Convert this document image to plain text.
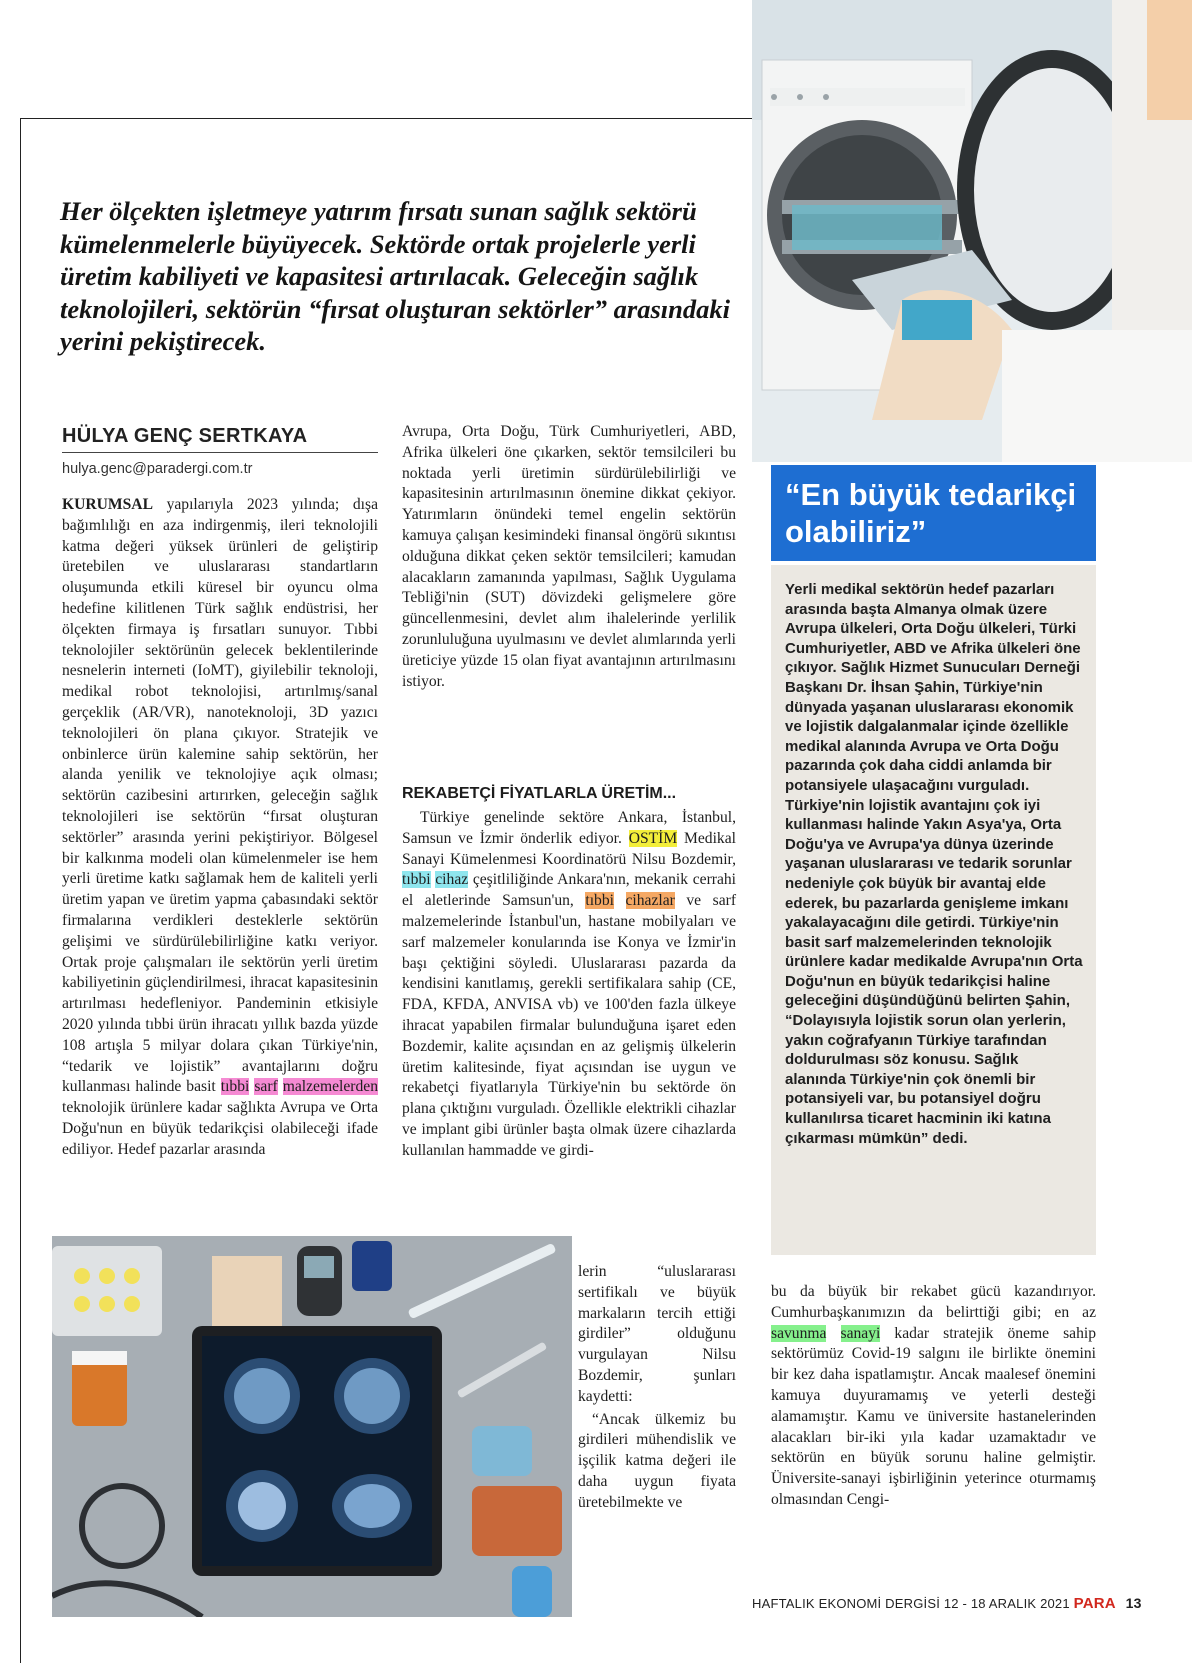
Her ölçekten işletmeye yatırım fırsatı sunan sağlık sektörü kümelenmelerle büyüyecek. Sektörde ortak projelerle yerli üretim kabiliyeti ve kapasitesi artırılacak. Geleceğin sağlık teknolojileri, sektörün “fırsat oluşturan sektörler” arasındaki yerini pekiştirecek.
HÜLYA GENÇ SERTKAYA
hulya.genc@paradergi.com.tr

KURUMSAL yapılarıyla 2023 yılında; dışa bağımlılığı en aza indirgenmiş, ileri teknolojili katma değeri yüksek ürünleri de geliştirip üretebilen ve uluslararası standartların oluşumunda etkili küresel bir oyuncu olma hedefine kilitlenen Türk sağlık endüstrisi, her ölçekten firmaya iş fırsatları sunuyor. Tıbbi teknolojiler sektörünün gelecek beklentilerinde nesnelerin interneti (IoMT), giyilebilir teknoloji, medikal robot teknolojisi, artırılmış/sanal gerçeklik (AR/VR), nanoteknoloji, 3D yazıcı teknolojileri ön plana çıkıyor. Stratejik ve onbinlerce ürün kalemine sahip sektörün, her alanda yenilik ve teknolojiye açık olması; sektörün cazibesini artırırken, geleceğin sağlık teknolojileri ise sektörün “fırsat oluşturan sektörler” arasında yerini pekiştiriyor. Bölgesel bir kalkınma modeli olan kümelenmeler ise hem yerli üretime katkı sağlamak hem de kaliteli yerli üretim yapan ve üretim yapma çabasındaki sektör firmalarına verdikleri desteklerle sektörün gelişimi ve sürdürülebilirliğine katkı veriyor. Ortak proje çalışmaları ile sektörün yerli üretim kabiliyetinin güçlendirilmesi, ihracat kapasitesinin artırılması hedefleniyor. Pandeminin etkisiyle 2020 yılında tıbbi ürün ihracatı yıllık bazda yüzde 108 artışla 5 milyar dolara çıkan Türkiye'nin, “tedarik ve lojistik” avantajlarını doğru kullanması halinde basit tıbbi sarf malzemelerden teknolojik ürünlere kadar sağlıkta Avrupa ve Orta Doğu'nun en büyük tedarikçisi olabileceği ifade ediliyor. Hedef pazarlar arasında

Avrupa, Orta Doğu, Türk Cumhuriyetleri, ABD, Afrika ülkeleri öne çıkarken, sektör temsilcileri bu noktada yerli üretimin sürdürülebilirliği ve kapasitesinin artırılmasının önemine dikkat çekiyor. Yatırımların önündeki temel engelin sektörün kamuya çalışan kesimindeki finansal öngörü sıkıntısı olduğuna dikkat çeken sektör temsilcileri; kamudan alacakların zamanında yapılması, Sağlık Uygulama Tebliği'nin (SUT) dövizdeki gelişmelere göre güncellenmesini, devlet alım ihalelerinde yerlilik zorunluluğuna uyulmasını ve devlet alımlarında yerli üreticiye yüzde 15 olan fiyat avantajının artırılmasını istiyor.

REKABETÇİ FİYATLARLA ÜRETİM...

Türkiye genelinde sektöre Ankara, İstanbul, Samsun ve İzmir önderlik ediyor. OSTİM Medikal Sanayi Kümelenmesi Koordinatörü Nilsu Bozdemir, tıbbi cihaz çeşitliliğinde Ankara'nın, mekanik cerrahi el aletlerinde Samsun'un, tıbbi cihazlar ve sarf malzemelerinde İstanbul'un, hastane mobilyaları ve sarf malzemeler konularında ise Konya ve İzmir'in başı çektiğini söyledi. Uluslararası pazarda da kendisini kanıtlamış, gerekli sertifikalara sahip (CE, FDA, KFDA, ANVISA vb) ve 100'den fazla ülkeye ihracat yapabilen firmalar bulunduğuna işaret eden Bozdemir, kalite açısından en az gelişmiş ülkelerin üretim kalitesinde, fiyat açısından ise uygun ve rekabetçi fiyatlarıyla Türkiye'nin bu sektörde ön plana çıktığını vurguladı. Özellikle elektrikli cihazlar ve implant gibi ürünler başta olmak üzere cihazlarda kullanılan hammadde ve girdi-

lerin “uluslararası sertifikalı ve büyük markaların tercih ettiği girdiler” olduğunu vurgulayan Nilsu Bozdemir, şunları kaydetti:

“Ancak ülkemiz bu girdileri mühendislik ve işçilik katma değeri ile daha uygun fiyata üretebilmekte ve

“En büyük tedarikçi olabiliriz”
Yerli medikal sektörün hedef pazarları arasında başta Almanya olmak üzere Avrupa ülkeleri, Orta Doğu ülkeleri, Türki Cumhuriyetler, ABD ve Afrika ülkeleri öne çıkıyor. Sağlık Hizmet Sunucuları Derneği Başkanı Dr. İhsan Şahin, Türkiye'nin dünyada yaşanan uluslararası ekonomik ve lojistik dalgalanmalar içinde özellikle medikal alanında Avrupa ve Orta Doğu pazarında çok daha ciddi anlamda bir potansiyele ulaşacağını vurguladı. Türkiye'nin lojistik avantajını çok iyi kullanması halinde Yakın Asya'ya, Orta Doğu'ya ve Avrupa'ya dünya üzerinde yaşanan uluslararası ve tedarik sorunlar nedeniyle çok büyük bir avantaj elde ederek, bu pazarlarda genişleme imkanı yakalayacağını dile getirdi. Türkiye'nin basit sarf malzemelerinden teknolojik ürünlere kadar medikalde Avrupa'nın Orta Doğu'nun en büyük tedarikçisi haline geleceğini düşündüğünü belirten Şahin, “Dolayısıyla lojistik sorun olan yerlerin, yakın coğrafyanın Türkiye tarafından doldurulması söz konusu. Sağlık alanında Türkiye'nin çok önemli bir potansiyeli var, bu potansiyel doğru kullanılırsa ticaret hacminin iki katına çıkarması mümkün” dedi.

bu da büyük bir rekabet gücü kazandırıyor. Cumhurbaşkanımızın da belirttiği gibi; en az savunma sanayi kadar stratejik öneme sahip sektörümüz Covid-19 salgını ile birlikte önemini bir kez daha ispatlamıştır. Ancak maalesef önemini kamuya duyuramamış ve yeterli desteği alamamıştır. Kamu ve üniversite hastanelerinden alacakları bir-iki yıla kadar uzamaktadır ve sektörün en büyük sorunu haline gelmiştir. Üniversite-sanayi işbirliğinin yeterince oturmamış olmasından Cengi-

HAFTALIK EKONOMİ DERGİSİ 12 - 18 ARALIK 2021 PARA 13
